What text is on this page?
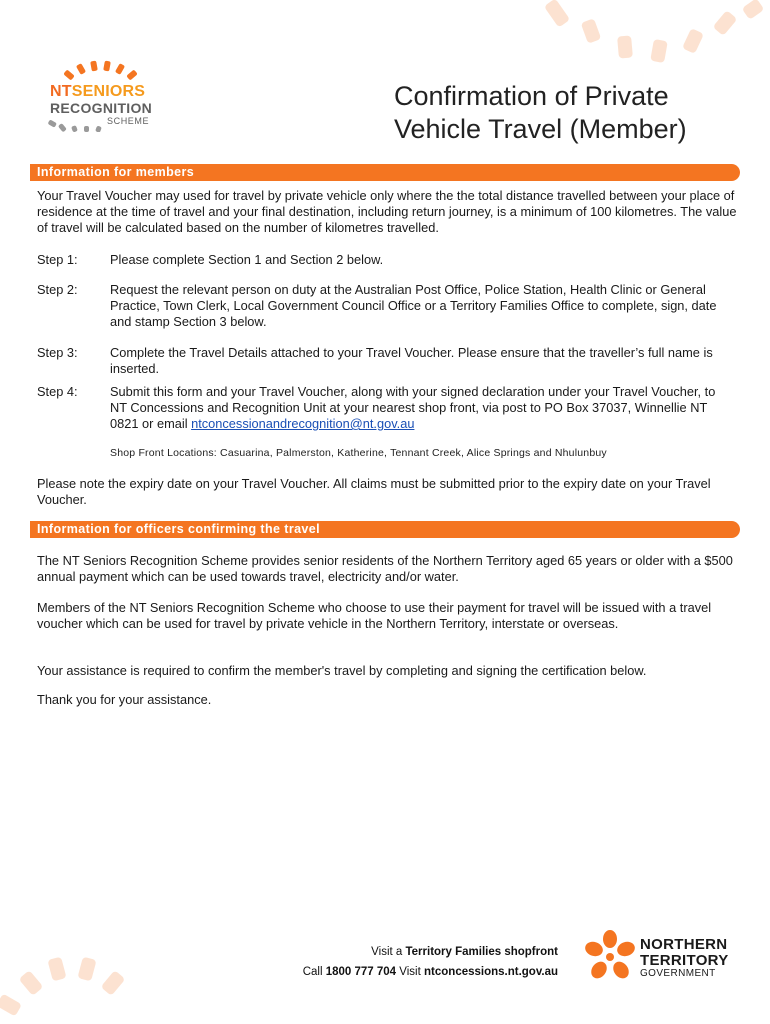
NTSENIORS
RECOGNITION
SCHEME
Confirmation of Private
Vehicle Travel (Member)
Information for members
Your Travel Voucher may used for travel by private vehicle only where the the total distance travelled between your place of residence at the time of travel and your final destination, including return journey, is a minimum of 100 kilometres. The value of travel will be calculated based on the number of kilometres travelled.
Step 1:	Please complete Section 1 and Section 2 below.
Step 2:	Request the relevant person on duty at the Australian Post Office, Police Station, Health Clinic or General Practice, Town Clerk, Local Government Council Office or a Territory Families Office to complete, sign, date and stamp Section 3 below.
Step 3:	Complete the Travel Details attached to your Travel Voucher. Please ensure that the traveller’s full name is inserted.
Step 4:	Submit this form and your Travel Voucher, along with your signed declaration under your Travel Voucher, to NT Concessions and Recognition Unit at your nearest shop front, via post to PO Box 37037, Winnellie NT 0821 or email ntconcessionandrecognition@nt.gov.au
Shop Front Locations: Casuarina, Palmerston, Katherine, Tennant Creek, Alice Springs and Nhulunbuy
Please note the expiry date on your Travel Voucher. All claims must be submitted prior to the expiry date on your Travel Voucher.
Information for officers confirming the travel
The NT Seniors Recognition Scheme provides senior residents of the Northern Territory aged 65 years or older with a $500 annual payment which can be used towards travel, electricity and/or water.
Members of the NT Seniors Recognition Scheme who choose to use their payment for travel will be issued with a travel voucher which can be used for travel by private vehicle in the Northern Territory, interstate or overseas.
Your assistance is required to confirm the member's travel by completing and signing the certification below.
Thank you for your assistance.
Visit a Territory Families shopfront
Call 1800 777 704 Visit ntconcessions.nt.gov.au
NORTHERN
TERRITORY
GOVERNMENT
